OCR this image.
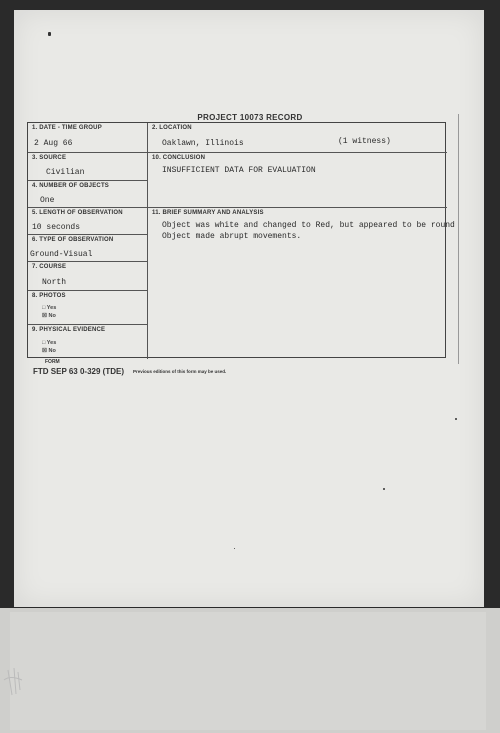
PROJECT 10073 RECORD
1. DATE - TIME GROUP
2 Aug 66
2. LOCATION
Oaklawn, Illinois	(1 witness)
3. SOURCE
Civilian
10. CONCLUSION
INSUFFICIENT DATA FOR EVALUATION
4. NUMBER OF OBJECTS
One
5. LENGTH OF OBSERVATION
10 seconds
11. BRIEF SUMMARY AND ANALYSIS
Object was white and changed to Red, but appeared to be round
Object made abrupt movements.
6. TYPE OF OBSERVATION
Ground-Visual
7. COURSE
North
8. PHOTOS
□ Yes
☒ No
9. PHYSICAL EVIDENCE
□ Yes
☒ No
FORM
FTD SEP 63 0-329 (TDE) Previous editions of this form may be used.
